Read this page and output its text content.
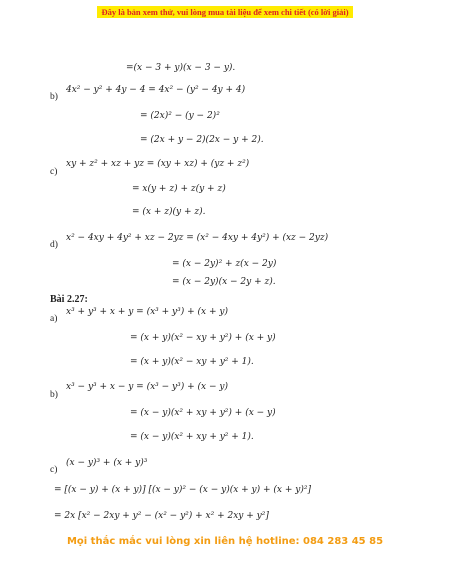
Đây là bản xem thử, vui lòng mua tài liệu để xem chi tiết (có lời giải)
=(x − 3 + y)(x − 3 − y).
b)
4x² − y² + 4y − 4 = 4x² − (y² − 4y + 4)
= (2x)² − (y − 2)²
= (2x + y − 2)(2x − y + 2).
c)
xy + z² + xz + yz = (xy + xz) + (yz + z²)
= x(y + z) + z(y + z)
= (x + z)(y + z).
d)
x² − 4xy + 4y² + xz − 2yz = (x² − 4xy + 4y²) + (xz − 2yz)
= (x − 2y)² + z(x − 2y)
= (x − 2y)(x − 2y + z).
Bài 2.27:
a)
x³ + y³ + x + y = (x³ + y³) + (x + y)
= (x + y)(x² − xy + y²) + (x + y)
= (x + y)(x² − xy + y² + 1).
b)
x³ − y³ + x − y = (x³ − y³) + (x − y)
= (x − y)(x² + xy + y²) + (x − y)
= (x − y)(x² + xy + y² + 1).
c)
(x − y)³ + (x + y)³
= [(x − y) + (x + y)] [(x − y)² − (x − y)(x + y) + (x + y)²]
= 2x [x² − 2xy + y² − (x² − y²) + x² + 2xy + y²]
Mọi thắc mắc vui lòng xin liên hệ hotline: 084 283 45 85
